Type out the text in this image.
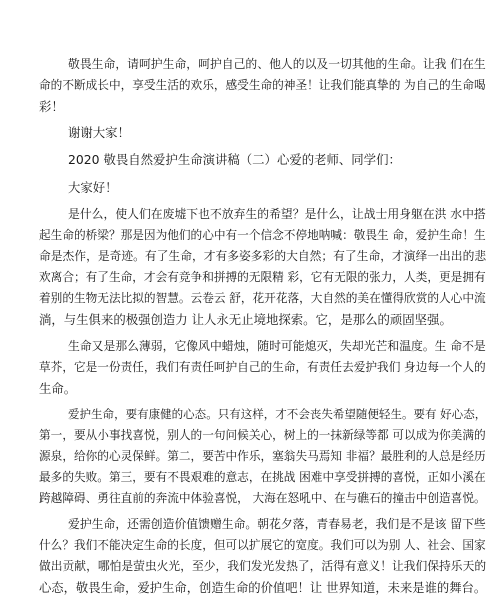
敬畏生命，请呵护生命，呵护自己的、他人的以及一切其他的生命。让我 们在生
命的不断成长中，享受生活的欢乐，感受生命的神圣！让我们能真挚的 为自己的生命喝
彩！
谢谢大家！
2020 敬畏自然爱护生命演讲稿（二）心爱的老师、同学们：
大家好！
是什么，使人们在废墟下也不放弃生的希望？是什么，让战士用身躯在洪 水中搭
起生命的桥梁？那是因为他们的心中有一个信念不停地呐喊：敬畏生 命，爱护生命！生
命是杰作，是奇迹。有了生命，才有多姿多彩的大自然；有了生命，才演绎一出出的悲
欢离合；有了生命，才会有竞争和拼搏的无限精 彩，它有无限的张力，人类，更是拥有
着别的生物无法比拟的智慧。云卷云 舒，花开花落，大自然的美在懂得欣赏的人心中流
淌，与生俱来的极强创造力 让人永无止境地探索。它，是那么的顽固坚强。
生命又是那么薄弱，它像风中蜡烛，随时可能熄灭，失却光芒和温度。生 命不是
草芥，它是一份责任，我们有责任呵护自己的生命，有责任去爱护我们 身边每一个人的
生命。
爱护生命，要有康健的心态。只有这样，才不会丧失希望随便轻生。要有 好心态，
第一，要从小事找喜悦，别人的一句问候关心，树上的一抹新绿等都 可以成为你美满的
源泉，给你的心灵保鲜。第二，要苦中作乐，塞翁失马焉知 非福？最胜利的人总是经历
最多的失败。第三，要有不畏艰难的意志，在挑战 困难中享受拼搏的喜悦，正如小溪在
跨越障碍、勇往直前的奔流中体验喜悦， 大海在怒吼中、在与礁石的撞击中创造喜悦。
爱护生命，还需创造价值馈赠生命。朝花夕落，青春易老，我们是不是该 留下些
什么？我们不能决定生命的长度，但可以扩展它的宽度。我们可以为别 人、社会、国家
做出贡献，哪怕是萤虫火光，至少，我们发光发热了，活得有意义！让我们保持乐天的
心态，敬畏生命，爱护生命，创造生命的价值吧！让 世界知道，未来是谁的舞台。
